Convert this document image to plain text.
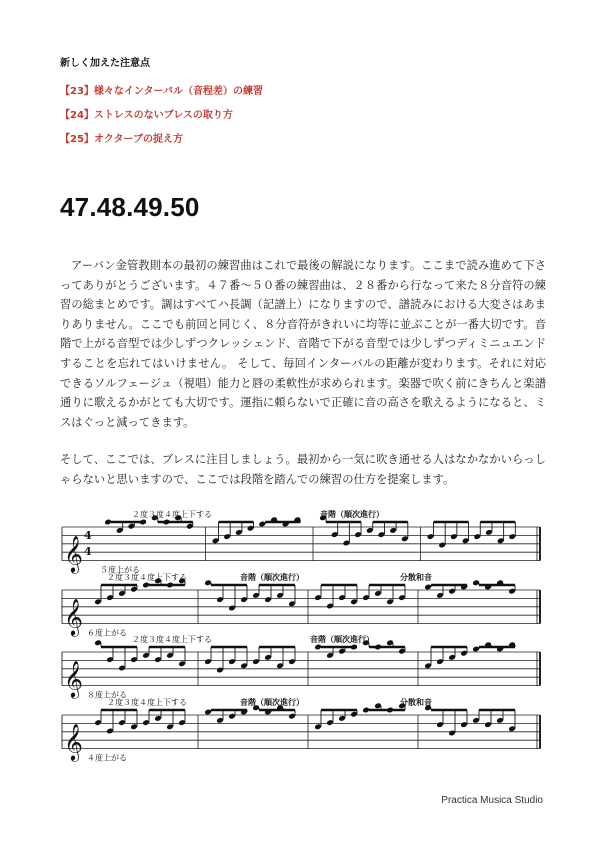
新しく加えた注意点
【23】様々なインターバル（音程差）の練習
【24】ストレスのないブレスの取り方
【25】オクターブの捉え方
47.48.49.50
アーバン金管教則本の最初の練習曲はこれで最後の解説になります。ここまで読み進めて下さってありがとうございます。４７番〜５０番の練習曲は、２８番から行なって来た８分音符の練習の総まとめです。調はすべてハ長調（記譜上）になりますので、譜読みにおける大変さはあまりありません。ここでも前回と同じく、８分音符がきれいに均等に並ぶことが一番大切です。音階で上がる音型では少しずつクレッシェンド、音階で下がる音型では少しずつディミニュエンドすることを忘れてはいけません。 そして、毎回インターバルの距離が変わります。それに対応できるソルフェージュ（視唱）能力と唇の柔軟性が求められます。楽器で吹く前にきちんと楽譜通りに歌えるかがとても大切です。運指に頼らないで正確に音の高さを歌えるようになると、ミスはぐっと減ってきます。
そして、ここでは、ブレスに注目しましょう。最初から一気に吹き通せる人はなかなかいらっしゃらないと思いますので、ここでは段階を踏んでの練習の仕方を提案します。
𝄞 4
4
２度３度４度上下する
５度上がる
音階（順次進行）
𝄞
２度３度４度上下する
６度上がる
音階（順次進行）	分散和音
𝄞
２度３度４度上下する
８度上がる
音階（順次進行）
𝄞
２度３度４度上下する
４度上がる
音階（順次進行）	分散和音
Practica Musica Studio
